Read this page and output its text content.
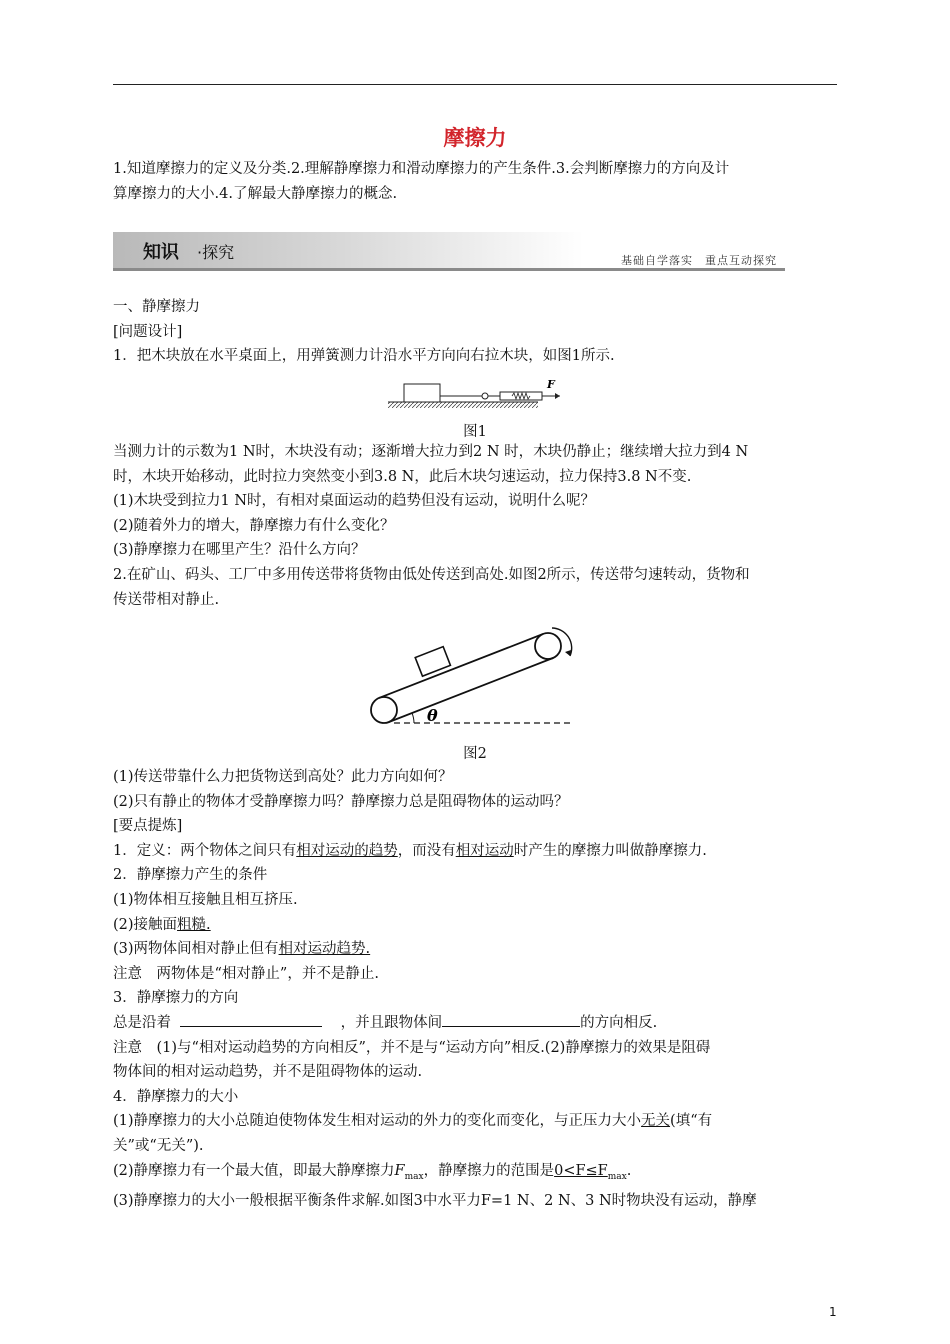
摩擦力

1.知道摩擦力的定义及分类.2.理解静摩擦力和滑动摩擦力的产生条件.3.会判断摩擦力的方向及计

算摩擦力的大小.4.了解最大静摩擦力的概念.

知识 ·探究	基础自学落实　重点互动探究

一、静摩擦力

[问题设计]

1．把木块放在水平桌面上，用弹簧测力计沿水平方向向右拉木块，如图1所示.

F
图1

当测力计的示数为1 N时，木块没有动；逐渐增大拉力到2 N 时，木块仍静止；继续增大拉力到4 N

时，木块开始移动，此时拉力突然变小到3.8 N，此后木块匀速运动，拉力保持3.8 N不变.

(1)木块受到拉力1 N时，有相对桌面运动的趋势但没有运动，说明什么呢？

(2)随着外力的增大，静摩擦力有什么变化？

(3)静摩擦力在哪里产生？沿什么方向？

2.在矿山、码头、工厂中多用传送带将货物由低处传送到高处.如图2所示，传送带匀速转动，货物和

传送带相对静止.

θ
图2

(1)传送带靠什么力把货物送到高处？此力方向如何？

(2)只有静止的物体才受静摩擦力吗？静摩擦力总是阻碍物体的运动吗？

[要点提炼]

1．定义：两个物体之间只有相对运动的趋势，而没有相对运动时产生的摩擦力叫做静摩擦力.

2．静摩擦力产生的条件

(1)物体相互接触且相互挤压.

(2)接触面粗糙.

(3)两物体间相对静止但有相对运动趋势.

注意　两物体是“相对静止”，并不是静止.

3．静摩擦力的方向

总是沿着	，并且跟物体间	的方向相反.

注意　(1)与“相对运动趋势的方向相反”，并不是与“运动方向”相反.(2)静摩擦力的效果是阻碍

物体间的相对运动趋势，并不是阻碍物体的运动.

4．静摩擦力的大小

(1)静摩擦力的大小总随迫使物体发生相对运动的外力的变化而变化，与正压力大小无关(填“有

关”或“无关”).

(2)静摩擦力有一个最大值，即最大静摩擦力$F_{max}$，静摩擦力的范围是$0<F\le F_{max}$.

(3)静摩擦力的大小一般根据平衡条件求解.如图3中水平力F=1 N、2 N、3 N时物块没有运动，静摩

1
